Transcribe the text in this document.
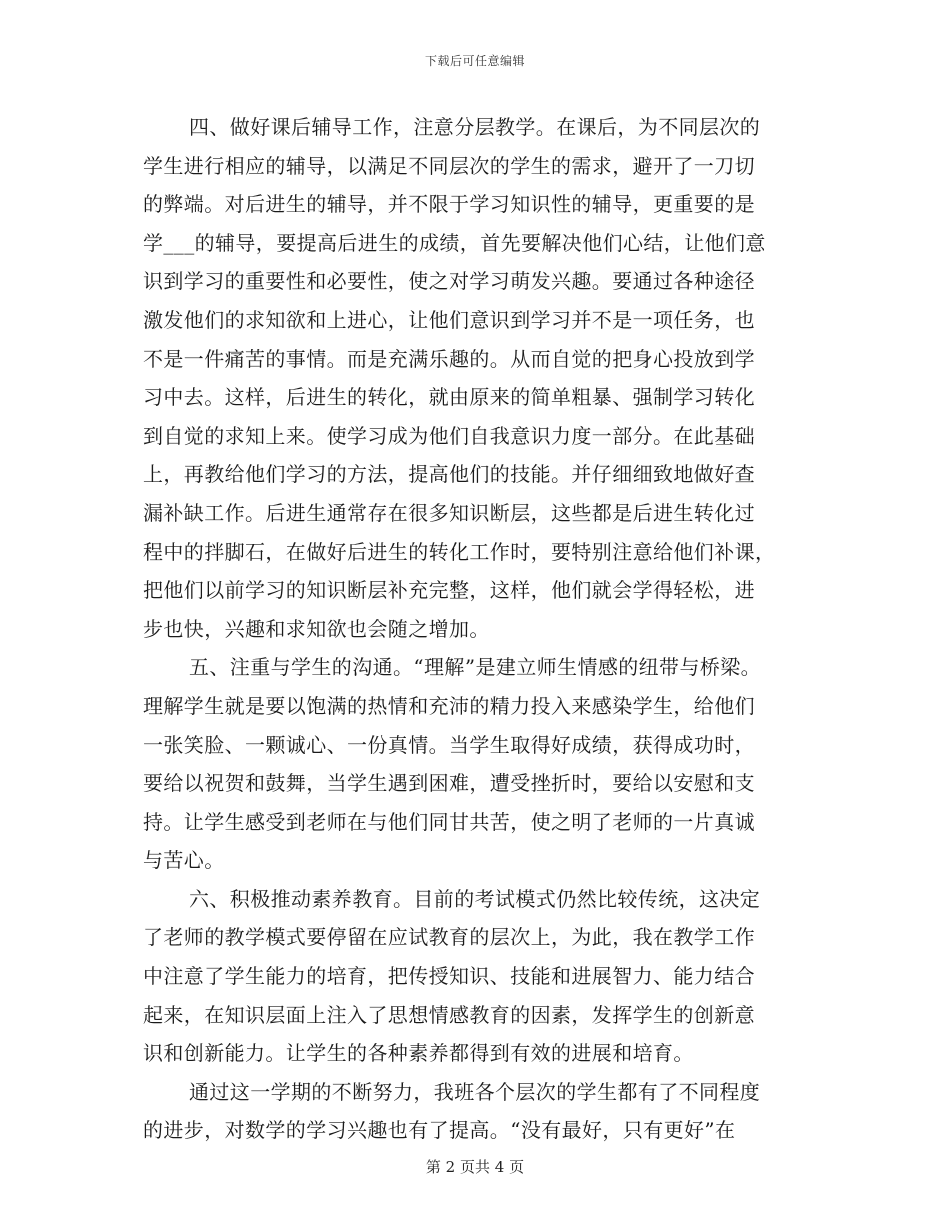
下载后可任意编辑
四、做好课后辅导工作，注意分层教学。在课后，为不同层次的
学生进行相应的辅导，以满足不同层次的学生的需求，避开了一刀切
的弊端。对后进生的辅导，并不限于学习知识性的辅导，更重要的是
学___的辅导，要提高后进生的成绩，首先要解决他们心结，让他们意
识到学习的重要性和必要性，使之对学习萌发兴趣。要通过各种途径
激发他们的求知欲和上进心，让他们意识到学习并不是一项任务，也
不是一件痛苦的事情。而是充满乐趣的。从而自觉的把身心投放到学
习中去。这样，后进生的转化，就由原来的简单粗暴、强制学习转化
到自觉的求知上来。使学习成为他们自我意识力度一部分。在此基础
上，再教给他们学习的方法，提高他们的技能。并仔细细致地做好查
漏补缺工作。后进生通常存在很多知识断层，这些都是后进生转化过
程中的拌脚石，在做好后进生的转化工作时，要特别注意给他们补课，
把他们以前学习的知识断层补充完整，这样，他们就会学得轻松，进
步也快，兴趣和求知欲也会随之增加。
五、注重与学生的沟通。“理解”是建立师生情感的纽带与桥梁。
理解学生就是要以饱满的热情和充沛的精力投入来感染学生，给他们
一张笑脸、一颗诚心、一份真情。当学生取得好成绩，获得成功时，
要给以祝贺和鼓舞，当学生遇到困难，遭受挫折时，要给以安慰和支
持。让学生感受到老师在与他们同甘共苦，使之明了老师的一片真诚
与苦心。
六、积极推动素养教育。目前的考试模式仍然比较传统，这决定
了老师的教学模式要停留在应试教育的层次上，为此，我在教学工作
中注意了学生能力的培育，把传授知识、技能和进展智力、能力结合
起来，在知识层面上注入了思想情感教育的因素，发挥学生的创新意
识和创新能力。让学生的各种素养都得到有效的进展和培育。
通过这一学期的不断努力，我班各个层次的学生都有了不同程度
的进步，对数学的学习兴趣也有了提高。“没有最好，只有更好”在
第 2 页共 4 页
